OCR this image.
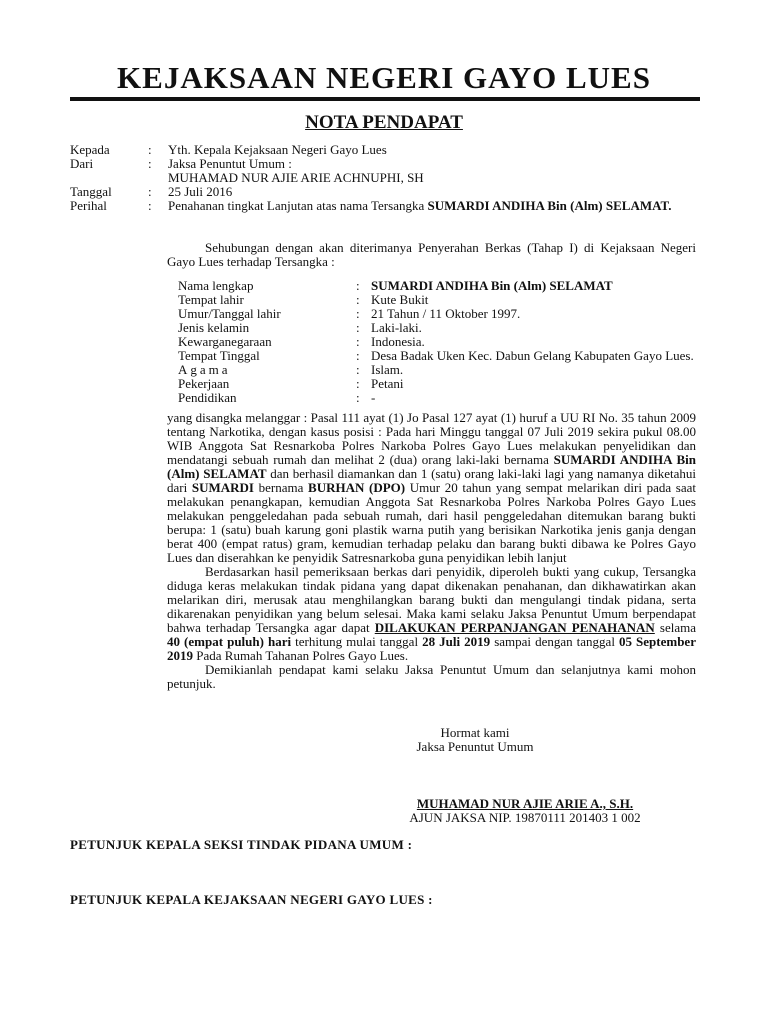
KEJAKSAAN NEGERI GAYO LUES
NOTA PENDAPAT
Kepada	:	Yth. Kepala Kejaksaan Negeri Gayo Lues
Dari	:	Jaksa Penuntut Umum :
MUHAMAD NUR AJIE ARIE ACHNUPHI, SH
Tanggal	:	25 Juli 2016
Perihal	:	Penahanan tingkat Lanjutan atas nama Tersangka SUMARDI ANDIHA Bin (Alm) SELAMAT.

Sehubungan dengan akan diterimanya Penyerahan Berkas (Tahap I) di Kejaksaan Negeri Gayo Lues terhadap Tersangka :

Nama lengkap	: SUMARDI ANDIHA Bin (Alm) SELAMAT
Tempat lahir	: Kute Bukit
Umur/Tanggal lahir	: 21 Tahun / 11 Oktober 1997.
Jenis kelamin	: Laki-laki.
Kewarganegaraan	: Indonesia.
Tempat Tinggal	: Desa Badak Uken Kec. Dabun Gelang Kabupaten Gayo Lues.
Agama	: Islam.
Pekerjaan	: Petani
Pendidikan	: -

yang disangka melanggar : Pasal 111 ayat (1) Jo Pasal 127 ayat (1) huruf a UU RI No. 35 tahun 2009 tentang Narkotika, dengan kasus posisi : Pada hari Minggu tanggal 07 Juli 2019 sekira pukul 08.00 WIB Anggota Sat Resnarkoba Polres Narkoba Polres Gayo Lues melakukan penyelidikan dan mendatangi sebuah rumah dan melihat 2 (dua) orang laki-laki bernama SUMARDI ANDIHA Bin (Alm) SELAMAT dan berhasil diamankan dan 1 (satu) orang laki-laki lagi yang namanya diketahui dari SUMARDI bernama BURHAN (DPO) Umur 20 tahun yang sempat melarikan diri pada saat melakukan penangkapan, kemudian Anggota Sat Resnarkoba Polres Narkoba Polres Gayo Lues melakukan penggeledahan pada sebuah rumah, dari hasil penggeledahan ditemukan barang bukti berupa: 1 (satu) buah karung goni plastik warna putih yang berisikan Narkotika jenis ganja dengan berat 400 (empat ratus) gram, kemudian terhadap pelaku dan barang bukti dibawa ke Polres Gayo Lues dan diserahkan ke penyidik Satresnarkoba guna penyidikan lebih lanjut

Berdasarkan hasil pemeriksaan berkas dari penyidik, diperoleh bukti yang cukup, Tersangka diduga keras melakukan tindak pidana yang dapat dikenakan penahanan, dan dikhawatirkan akan melarikan diri, merusak atau menghilangkan barang bukti dan mengulangi tindak pidana, serta dikarenakan penyidikan yang belum selesai. Maka kami selaku Jaksa Penuntut Umum berpendapat bahwa terhadap Tersangka agar dapat DILAKUKAN PERPANJANGAN PENAHANAN selama 40 (empat puluh) hari terhitung mulai tanggal 28 Juli 2019 sampai dengan tanggal 05 September 2019 Pada Rumah Tahanan Polres Gayo Lues.

Demikianlah pendapat kami selaku Jaksa Penuntut Umum dan selanjutnya kami mohon petunjuk.

Hormat kami
Jaksa Penuntut Umum
MUHAMAD NUR AJIE ARIE A., S.H.
AJUN JAKSA NIP. 19870111 201403 1 002
PETUNJUK KEPALA SEKSI TINDAK PIDANA UMUM :
PETUNJUK KEPALA KEJAKSAAN NEGERI GAYO LUES :
